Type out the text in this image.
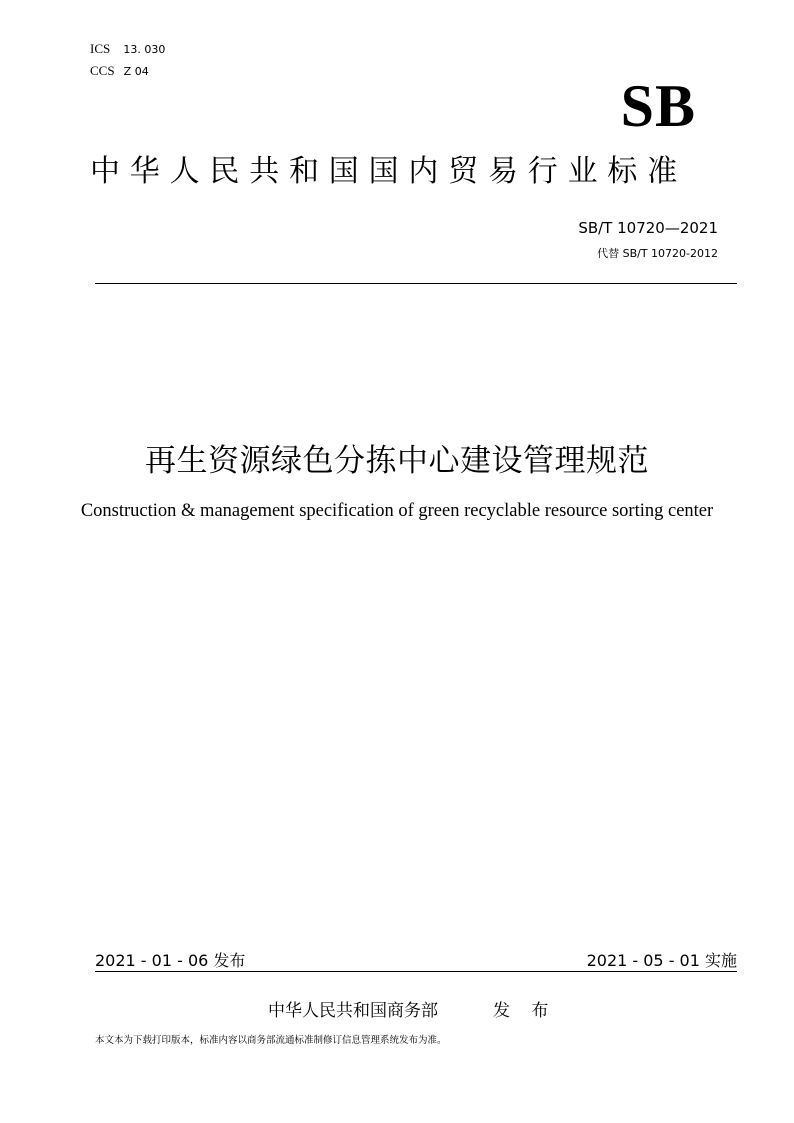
ICS 13. 030
CCS Z 04
SB
中华人民共和国国内贸易行业标准
SB/T 10720—2021
代替 SB/T 10720-2012
再生资源绿色分拣中心建设管理规范
Construction & management specification of green recyclable resource sorting center
2021 - 01 - 06 发布	2021 - 05 - 01 实施
中华人民共和国商务部	发 布
本文本为下载打印版本，标准内容以商务部流通标准制修订信息管理系统发布为准。
